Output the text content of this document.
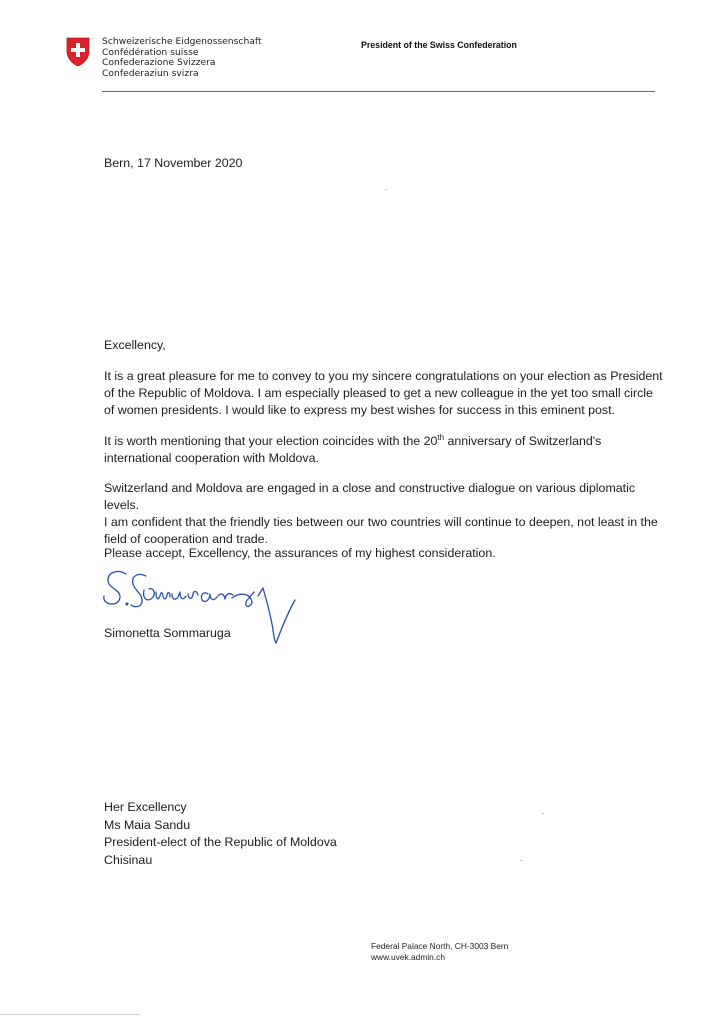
Schweizerische Eidgenossenschaft
Confédération suisse
Confederazione Svizzera
Confederaziun svizra
President of the Swiss Confederation
Bern, 17 November 2020
Excellency,
It is a great pleasure for me to convey to you my sincere congratulations on your election as President of the Republic of Moldova. I am especially pleased to get a new colleague in the yet too small circle of women presidents. I would like to express my best wishes for success in this eminent post.
It is worth mentioning that your election coincides with the 20th anniversary of Switzerland's international cooperation with Moldova.
Switzerland and Moldova are engaged in a close and constructive dialogue on various diplomatic levels.
I am confident that the friendly ties between our two countries will continue to deepen, not least in the field of cooperation and trade.
Please accept, Excellency, the assurances of my highest consideration.
Simonetta Sommaruga
Her Excellency
Ms Maia Sandu
President-elect of the Republic of Moldova
Chisinau
Federal Palace North, CH-3003 Bern
www.uvek.admin.ch
